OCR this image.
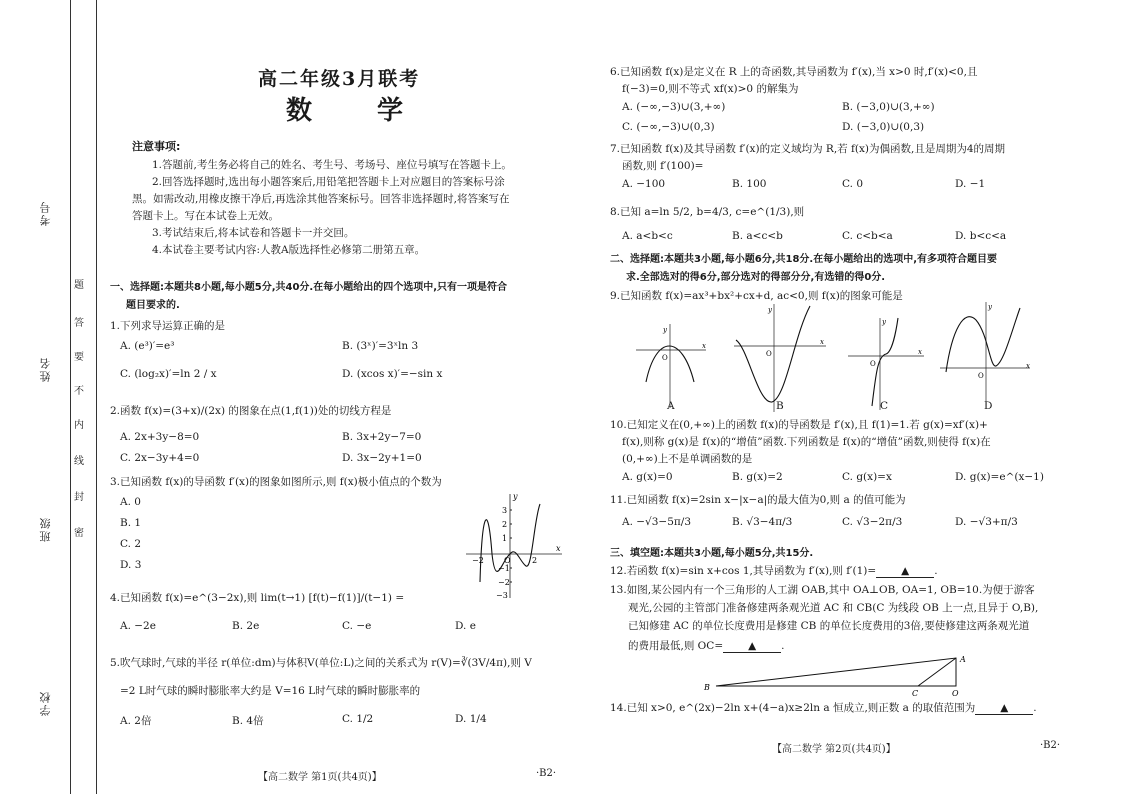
考号
姓名
班级
学校
题
答
要
不
内
线
封
密
高二年级3月联考
数 学
注意事项:
1.答题前,考生务必将自己的姓名、考生号、考场号、座位号填写在答题卡上。
2.回答选择题时,选出每小题答案后,用铅笔把答题卡上对应题目的答案标号涂
黑。如需改动,用橡皮擦干净后,再选涂其他答案标号。回答非选择题时,将答案写在
答题卡上。写在本试卷上无效。
3.考试结束后,将本试卷和答题卡一并交回。
4.本试卷主要考试内容:人教A版选择性必修第二册第五章。
一、选择题:本题共8小题,每小题5分,共40分.在每小题给出的四个选项中,只有一项是符合
题目要求的.
1.下列求导运算正确的是
A. (e³)′=e³	B. (3ˣ)′=3ˣln 3
C. (log₂x)′=ln 2 / x	D. (xcos x)′=−sin x
2.函数 f(x)=(3+x)/(2x) 的图象在点(1,f(1))处的切线方程是
A. 2x+3y−8=0	B. 3x+2y−7=0
C. 2x−3y+4=0	D. 3x−2y+1=0
3.已知函数 f(x)的导函数 f′(x)的图象如图所示,则 f(x)极小值点的个数为
A. 0
B. 1
C. 2
D. 3
3
2
1
−1
−2
−3
−2	O	2
x
y
4.已知函数 f(x)=e^(3−2x),则 lim(t→1) [f(t)−f(1)]/(t−1) =
A. −2e	B. 2e	C. −e	D. e
5.吹气球时,气球的半径 r(单位:dm)与体积V(单位:L)之间的关系式为 r(V)=∛(3V/4π),则 V
=2 L时气球的瞬时膨胀率大约是 V=16 L时气球的瞬时膨胀率的
A. 2倍	B. 4倍	C. 1/2	D. 1/4
【高二数学 第1页(共4页)】	·B2·
6.已知函数 f(x)是定义在 R 上的奇函数,其导函数为 f′(x),当 x>0 时,f′(x)<0,且
f(−3)=0,则不等式 xf(x)>0 的解集为
A. (−∞,−3)∪(3,+∞)	B. (−3,0)∪(3,+∞)
C. (−∞,−3)∪(0,3)	D. (−3,0)∪(0,3)
7.已知函数 f(x)及其导函数 f′(x)的定义域均为 R,若 f(x)为偶函数,且是周期为4的周期
函数,则 f′(100)=
A. −100	B. 100	C. 0	D. −1
8.已知 a=ln 5/2, b=4/3, c=e^(1/3),则
A. a<b<c	B. a<c<b	C. c<b<a	D. b<c<a
二、选择题:本题共3小题,每小题6分,共18分.在每小题给出的选项中,有多项符合题目要
求.全部选对的得6分,部分选对的得部分分,有选错的得0分.
9.已知函数 f(x)=ax³+bx²+cx+d, ac<0,则 f(x)的图象可能是
x
y
O
x
y
O	x
y
O	x
y
O
A	B	C	D
10.已知定义在(0,+∞)上的函数 f(x)的导函数是 f′(x),且 f(1)=1.若 g(x)=xf′(x)+
f(x),则称 g(x)是 f(x)的“增值”函数.下列函数是 f(x)的“增值”函数,则使得 f(x)在
(0,+∞)上不是单调函数的是
A. g(x)=0	B. g(x)=2	C. g(x)=x	D. g(x)=e^(x−1)
11.已知函数 f(x)=2sin x−|x−a|的最大值为0,则 a 的值可能为
A. −√3−5π/3	B. √3−4π/3	C. √3−2π/3	D. −√3+π/3
三、填空题:本题共3小题,每小题5分,共15分.
12.若函数 f(x)=sin x+cos 1,其导函数为 f′(x),则 f′(1)= ▲ .
13.如图,某公园内有一个三角形的人工湖 OAB,其中 OA⊥OB, OA=1, OB=10.为便于游客
观光,公园的主管部门准备修建两条观光道 AC 和 CB(C 为线段 OB 上一点,且异于 O,B),
已知修建 AC 的单位长度费用是修建 CB 的单位长度费用的3倍,要使修建这两条观光道
的费用最低,则 OC= ▲ .
A
B
C	O
14.已知 x>0, e^(2x)−2ln x+(4−a)x≥2ln a 恒成立,则正数 a 的取值范围为 ▲ .
【高二数学 第2页(共4页)】	·B2·
